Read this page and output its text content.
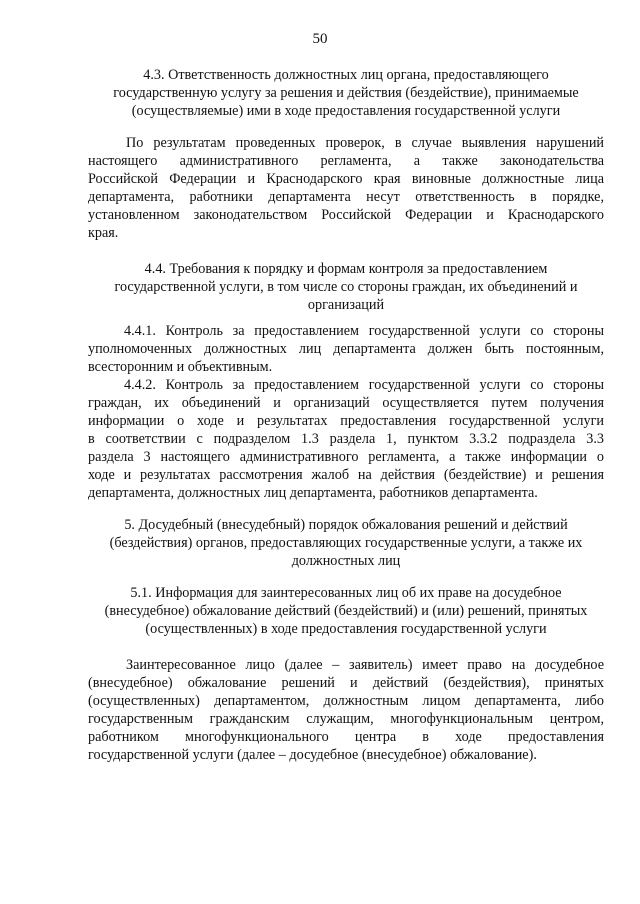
50
4.3. Ответственность должностных лиц органа, предоставляющего
государственную услугу за решения и действия (бездействие), принимаемые
(осуществляемые) ими в ходе предоставления государственной услуги
По результатам проведенных проверок, в случае выявления нарушений
настоящего административного регламента, а также законодательства
Российской Федерации и Краснодарского края виновные должностные лица
департамента, работники департамента несут ответственность в порядке,
установленном законодательством Российской Федерации и Краснодарского
края.
4.4. Требования к порядку и формам контроля за предоставлением
государственной услуги, в том числе со стороны граждан, их объединений и
организаций
4.4.1. Контроль за предоставлением государственной услуги со стороны
уполномоченных должностных лиц департамента должен быть постоянным,
всесторонним и объективным.
4.4.2. Контроль за предоставлением государственной услуги со стороны
граждан, их объединений и организаций осуществляется путем получения
информации о ходе и результатах предоставления государственной услуги
в соответствии с подразделом 1.3 раздела 1, пунктом 3.3.2 подраздела 3.3
раздела 3 настоящего административного регламента, а также информации о
ходе и результатах рассмотрения жалоб на действия (бездействие) и решения
департамента, должностных лиц департамента, работников департамента.
5. Досудебный (внесудебный) порядок обжалования решений и действий
(бездействия) органов, предоставляющих государственные услуги, а также их
должностных лиц
5.1. Информация для заинтересованных лиц об их праве на досудебное
(внесудебное) обжалование действий (бездействий) и (или) решений, принятых
(осуществленных) в ходе предоставления государственной услуги
Заинтересованное лицо (далее – заявитель) имеет право на досудебное
(внесудебное) обжалование решений и действий (бездействия), принятых
(осуществленных) департаментом, должностным лицом департамента, либо
государственным гражданским служащим, многофункциональным центром,
работником многофункционального центра в ходе предоставления
государственной услуги (далее – досудебное (внесудебное) обжалование).
